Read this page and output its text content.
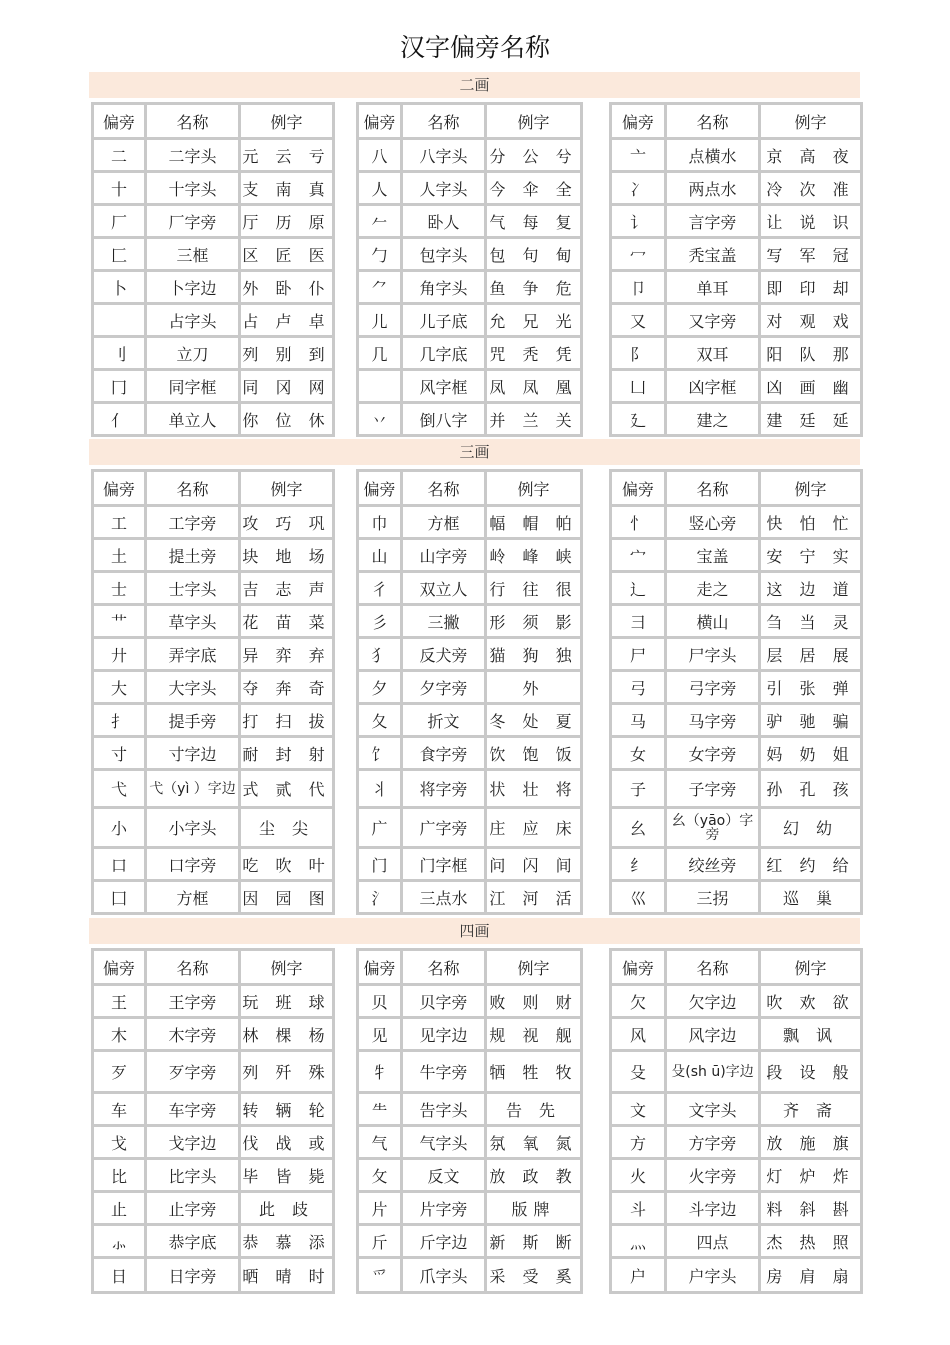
汉字偏旁名称
二画
偏旁	名称	例字
二	二字头	元 云 亏
十	十字头	支 南 真
厂	厂字旁	厅 历 原
匚	三框	区 匠 医
卜	卜字边	外 卧 仆
	占字头	占 卢 卓
刂	立刀	列 别 到
冂	同字框	同 冈 网
亻	单立人	你 位 休
偏旁	名称	例字
八	八字头	分 公 兮
人	人字头	今 伞 全
𠂉	卧人	气 每 复
勹	包字头	包 句 甸
⺈	角字头	鱼 争 危
儿	儿子底	允 兄 光
几	几字底	咒 秃 凭
	风字框	凤 凤 凰
丷	倒八字	并 兰 关
偏旁	名称	例字
亠	点横水	京 高 夜
冫	两点水	冷 次 准
讠	言字旁	让 说 识
冖	秃宝盖	写 军 冠
卩	单耳	即 印 却
又	又字旁	对 观 戏
阝	双耳	阳 队 那
凵	凶字框	凶 画 幽
廴	建之	建 廷 延
三画
偏旁	名称	例字
工	工字旁	攻 巧 巩
土	提土旁	块 地 场
士	士字头	吉 志 声
艹	草字头	花 苗 菜
廾	弄字底	异 弈 弃
大	大字头	夺 奔 奇
扌	提手旁	打 扫 拔
寸	寸字边	耐 封 射
弋	弋（yì ）字边	式 贰 代
小	小字头	尘 尖
口	口字旁	吃 吹 叶
囗	方框	因 园 图
偏旁	名称	例字
巾	方框	幅 帽 帕
山	山字旁	岭 峰 峡
彳	双立人	行 往 很
彡	三撇	形 须 影
犭	反犬旁	猫 狗 独
夕	夕字旁	外
夂	折文	冬 处 夏
饣	食字旁	饮 饱 饭
丬	将字旁	状 壮 将
广	广字旁	庄 应 床
门	门字框	问 闪 间
氵	三点水	江 河 活
偏旁	名称	例字
忄	竖心旁	快 怕 忙
宀	宝盖	安 宁 实
辶	走之	这 边 道
彐	横山	刍 当 灵
尸	尸字头	层 居 展
弓	弓字旁	引 张 弹
马	马字旁	驴 驰 骗
女	女字旁	妈 奶 姐
子	子字旁	孙 孔 孩
幺	幺（yāo）字旁	幻 幼
纟	绞丝旁	红 约 给
巛	三拐	巡 巢
四画
偏旁	名称	例字
王	王字旁	玩 班 球
木	木字旁	林 棵 杨
歹	歹字旁	列 歼 殊
车	车字旁	转 辆 轮
戈	戈字边	伐 战 或
比	比字头	毕 皆 毙
止	止字旁	此 歧
⺗	恭字底	恭 慕 添
日	日字旁	晒 晴 时
偏旁	名称	例字
贝	贝字旁	败 则 财
见	见字边	规 视 舰
牜	牛字旁	牺 牲 牧
⺧	告字头	告 先
气	气字头	氛 氧 氮
攵	反文	放 政 教
片	片字旁	版牌
斤	斤字边	新 斯 断
爫	爪字头	采 受 奚
偏旁	名称	例字
欠	欠字边	吹 欢 欲
风	风字边	飘 讽
殳	殳(sh ū)字边	段 设 般
文	文字头	齐 斋
方	方字旁	放 施 旗
火	火字旁	灯 炉 炸
斗	斗字边	料 斜 斟
灬	四点	杰 热 照
户	户字头	房 肩 扇
